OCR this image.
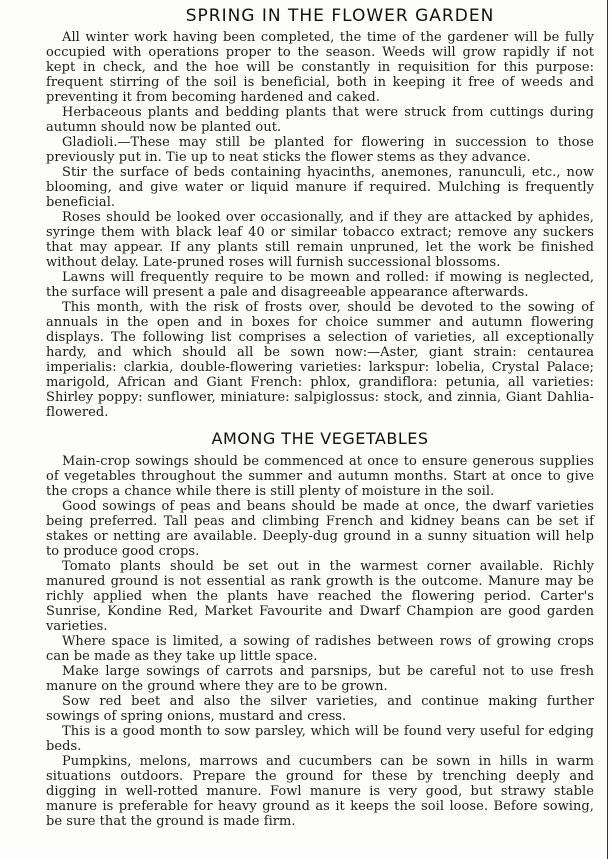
SPRING IN THE FLOWER GARDEN

All winter work having been completed, the time of the gardener will be fully occupied with operations proper to the season. Weeds will grow rapidly if not kept in check, and the hoe will be constantly in requisition for this purpose: frequent stirring of the soil is beneficial, both in keeping it free of weeds and preventing it from becoming hardened and caked.

Herbaceous plants and bedding plants that were struck from cuttings during autumn should now be planted out.

Gladioli.—These may still be planted for flowering in succession to those previously put in. Tie up to neat sticks the flower stems as they advance.

Stir the surface of beds containing hyacinths, anemones, ranunculi, etc., now blooming, and give water or liquid manure if required. Mulching is frequently beneficial.

Roses should be looked over occasionally, and if they are attacked by aphides, syringe them with black leaf 40 or similar tobacco extract; remove any suckers that may appear. If any plants still remain unpruned, let the work be finished without delay. Late-pruned roses will furnish successional blossoms.

Lawns will frequently require to be mown and rolled: if mowing is neglected, the surface will present a pale and disagreeable appearance afterwards.

This month, with the risk of frosts over, should be devoted to the sowing of annuals in the open and in boxes for choice summer and autumn flowering displays. The following list comprises a selection of varieties, all exceptionally hardy, and which should all be sown now:—Aster, giant strain: centaurea imperialis: clarkia, double-flowering varieties: larkspur: lobelia, Crystal Palace; marigold, African and Giant French: phlox, grandiflora: petunia, all varieties: Shirley poppy: sunflower, miniature: salpiglossus: stock, and zinnia, Giant Dahlia-flowered.

AMONG THE VEGETABLES

Main-crop sowings should be commenced at once to ensure generous supplies of vegetables throughout the summer and autumn months. Start at once to give the crops a chance while there is still plenty of moisture in the soil.

Good sowings of peas and beans should be made at once, the dwarf varieties being preferred. Tall peas and climbing French and kidney beans can be set if stakes or netting are available. Deeply-dug ground in a sunny situation will help to produce good crops.

Tomato plants should be set out in the warmest corner available. Richly manured ground is not essential as rank growth is the outcome. Manure may be richly applied when the plants have reached the flowering period. Carter's Sunrise, Kondine Red, Market Favourite and Dwarf Champion are good garden varieties.

Where space is limited, a sowing of radishes between rows of growing crops can be made as they take up little space.

Make large sowings of carrots and parsnips, but be careful not to use fresh manure on the ground where they are to be grown.

Sow red beet and also the silver varieties, and continue making further sowings of spring onions, mustard and cress.

This is a good month to sow parsley, which will be found very useful for edging beds.

Pumpkins, melons, marrows and cucumbers can be sown in hills in warm situations outdoors. Prepare the ground for these by trenching deeply and digging in well-rotted manure. Fowl manure is very good, but strawy stable manure is preferable for heavy ground as it keeps the soil loose. Before sowing, be sure that the ground is made firm.
